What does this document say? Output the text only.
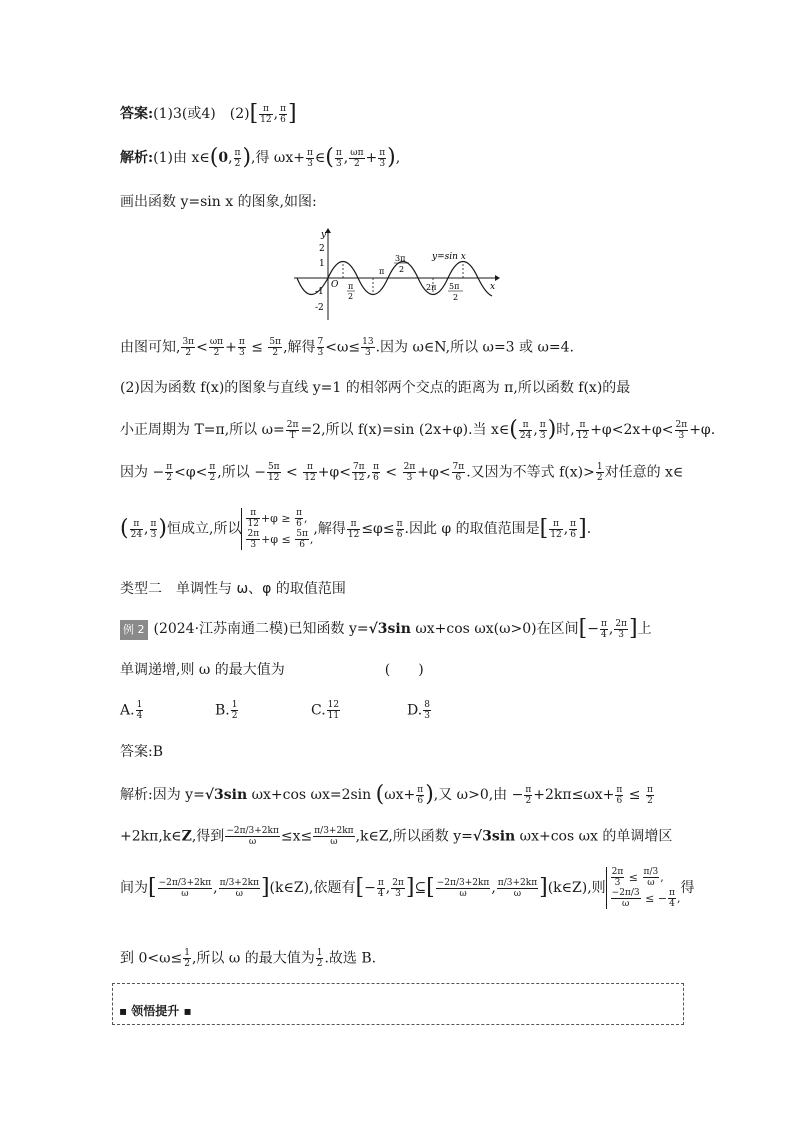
答案:(1)3(或4)　$(2)[ \frac{\pi}{12}$ , $\frac{\pi}{6}$ ]
解析:(1)由 x∈(0, $\frac{\pi}{2}$ ),得 $\omega x+ \frac{\pi}{3}$ ∈( $\frac{\pi}{3}$ , $\frac{\omega\pi}{2} + \frac{\pi}{3}$ ),
画出函数 y=sin x 的图象,如图:
y
x
2
1
-1
-2
O π
2
π
3π
2
y=sin x
2π 5π
2
由图可知, $\frac{3\pi}{2} < \frac{\omega\pi}{2} + \frac{\pi}{3} \le \frac{5\pi}{2}$ ,解得 $\frac{7}{3} <\omega\le \frac{13}{3}$ .因为 ω∈N,所以 ω=3 或 ω=4.
(2)因为函数 f(x)的图象与直线 y=1 的相邻两个交点的距离为 π,所以函数 f(x)的最
小正周期为 T=π,所以 $\omega= \frac{2\pi}{T} =2$,所以 f(x)=sin (2x+φ).当 x∈( $\frac{\pi}{24}$ , $\frac{\pi}{3}$ )时, $\frac{\pi}{12} +\varphi<2x+\varphi< \frac{2\pi}{3} +\varphi$.
因为 − $\frac{\pi}{2} <\varphi< \frac{\pi}{2}$ ,所以 − $\frac{5\pi}{12} < \frac{\pi}{12} +\varphi< \frac{7\pi}{12}$ , $\frac{\pi}{6} < \frac{2\pi}{3} +\varphi< \frac{7\pi}{6}$ .又因为不等式 $f(x)> \frac{1}{2}$ 对任意的 x∈
( $\frac{\pi}{24}$ , $\frac{\pi}{3}$ )恒成立,所以 $\frac{\pi}{12} +\varphi \ge \frac{\pi}{6}$ ,

$\frac{2\pi}{3} +\varphi \le \frac{5\pi}{6}$ ,,解得 $\frac{\pi}{12} \le\varphi\le \frac{\pi}{6}$ .因此 φ 的取值范围是[ $\frac{\pi}{12}$ , $\frac{\pi}{6}$ ].
类型二　单调性与 ω、φ 的取值范围
例 2 (2024·江苏南通二模)已知函数 y=√3sin ωx+cos ωx(ω>0)在区间[− $\frac{\pi}{4}$ , $\frac{2\pi}{3}$ ]上
单调递增,则 ω 的最大值为	(　　)
A. $\frac{1}{4}$	B. $\frac{1}{2}$	C. $\frac{12}{11}$	D. $\frac{8}{3}$
答案:B
解析:因为 y=√3sin ωx+cos ωx=2sin ($\omega x+ \frac{\pi}{6}$ ),又 ω>0,由 − $\frac{\pi}{2} +2k\pi\le\omega x+ \frac{\pi}{6} \le \frac{\pi}{2}$
+2kπ,k∈Z,得到 $\frac{-2\pi/3+2k\pi}{\omega} \le x\le \frac{\pi/3+2k\pi}{\omega}$ ,k∈Z,所以函数 y=√3sin ωx+cos ωx 的单调增区
间为[ $\frac{-2\pi/3+2k\pi}{\omega}$ , $\frac{\pi/3+2k\pi}{\omega}$ ](k∈Z),依题有[− $\frac{\pi}{4}$ , $\frac{2\pi}{3}$ ]⊆[ $\frac{-2\pi/3+2k\pi}{\omega}$ , $\frac{\pi/3+2k\pi}{\omega}$ ](k∈Z),则 $\frac{2\pi}{3} \le \frac{\pi/3}{\omega}$ ,

$\frac{-2\pi/3}{\omega}$ ≤ − $\frac{\pi}{4}$ ,得
到 $0<\omega\le \frac{1}{2}$ ,所以 ω 的最大值为 $\frac{1}{2}$ .故选 B.
▪ 领悟提升 ▪
